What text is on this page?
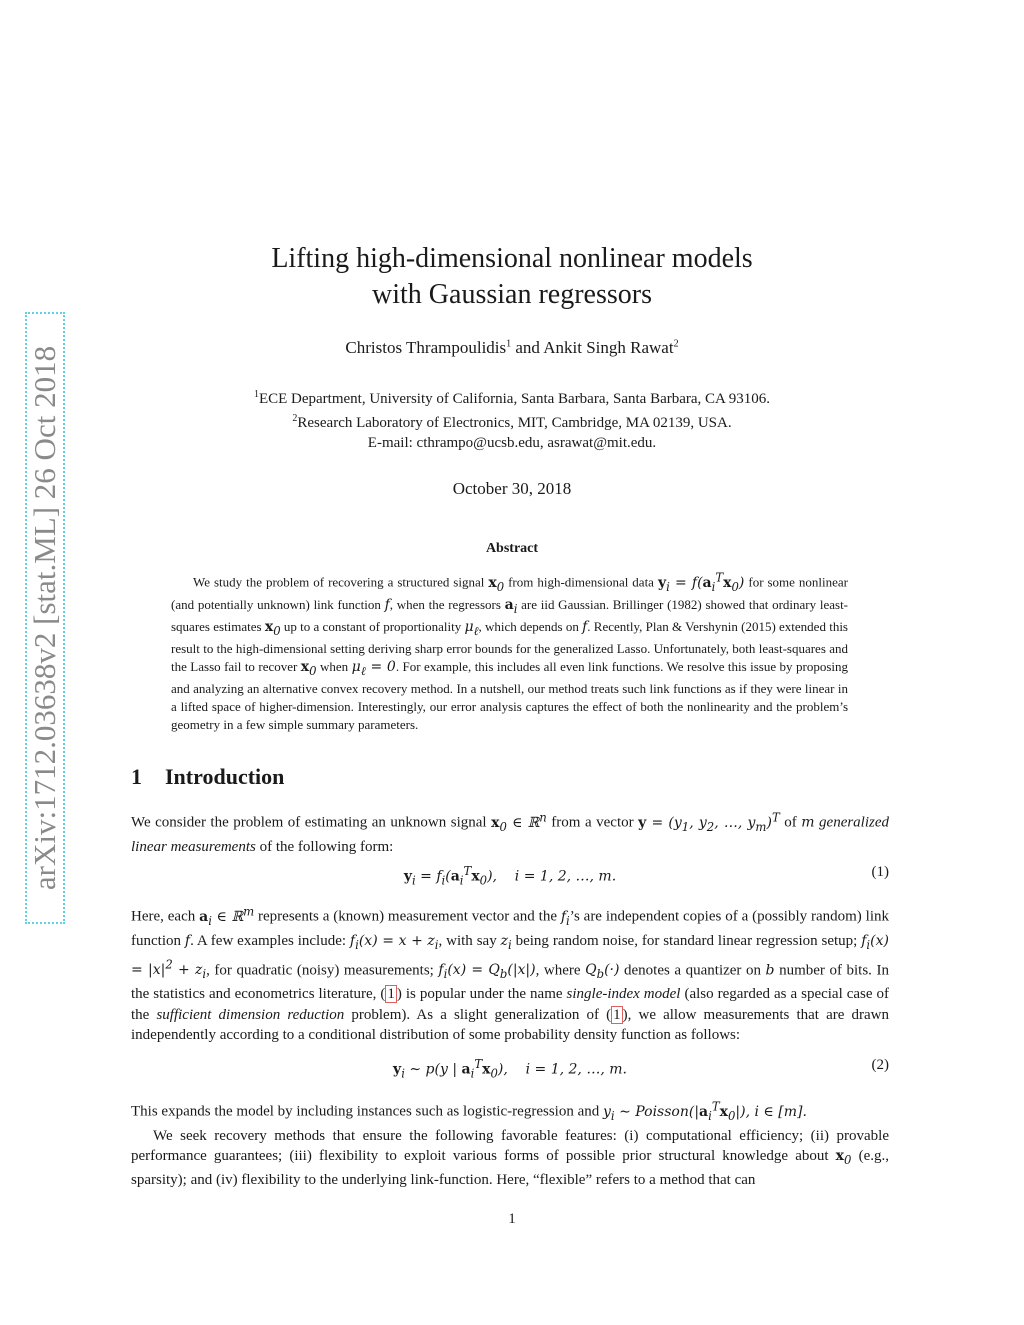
arXiv:1712.03638v2 [stat.ML] 26 Oct 2018
Lifting high-dimensional nonlinear models
with Gaussian regressors
Christos Thrampoulidis$^1$ and Ankit Singh Rawat$^2$
$^1$ECE Department, University of California, Santa Barbara, Santa Barbara, CA 93106.
$^2$Research Laboratory of Electronics, MIT, Cambridge, MA 02139, USA.
E-mail: cthrampo@ucsb.edu, asrawat@mit.edu.
October 30, 2018
Abstract

We study the problem of recovering a structured signal $x_0$ from high-dimensional data $y_i = f(a_i^Tx_0)$ for some nonlinear (and potentially unknown) link function f, when the regressors $a_i$ are iid Gaussian. Brillinger (1982) showed that ordinary least-squares estimates $x_0$ up to a constant of proportionality $\mu_\ell$, which depends on f. Recently, Plan & Vershynin (2015) extended this result to the high-dimensional setting deriving sharp error bounds for the generalized Lasso. Unfortunately, both least-squares and the Lasso fail to recover $x_0$ when $\mu_\ell = 0$. For example, this includes all even link functions. We resolve this issue by proposing and analyzing an alternative convex recovery method. In a nutshell, our method treats such link functions as if they were linear in a lifted space of higher-dimension. Interestingly, our error analysis captures the effect of both the nonlinearity and the problem’s geometry in a few simple summary parameters.

1 Introduction

We consider the problem of estimating an unknown signal $x_0$ ∈ ℝ$^n$ from a vector $y = (y_1$, $y_2$, …, $y_m)^T$ of m generalized linear measurements of the following form:

$y_i = f_i(a_i^Tx_0)$,    i = 1, 2, …, m.	(1)

Here, each $a_i$ ∈ ℝ$^m$ represents a (known) measurement vector and the $f_i’s$ are independent copies of a (possibly random) link function f. A few examples include: $f_i(x) = x + z_i$, with say $z_i$ being random noise, for standard linear regression setup; $f_i(x) = |x|^2 + z_i$, for quadratic (noisy) measurements; $f_i(x) = Q_b(|x|)$, where $Q_b(\cdot)$ denotes a quantizer on b number of bits. In the statistics and econometrics literature, ( 1 ) is popular under the name single-index model (also regarded as a special case of the sufficient dimension reduction problem). As a slight generalization of ( 1 ), we allow measurements that are drawn independently according to a conditional distribution of some probability density function as follows:

$y_i$ ∼ p(y | $a_i^Tx_0$),    i = 1, 2, …, m.	(2)

This expands the model by including instances such as logistic-regression and $y_i$ ∼ $Poisson(|a_i^Tx_0|)$, i ∈ [m].

We seek recovery methods that ensure the following favorable features: (i) computational efficiency; (ii) provable performance guarantees; (iii) flexibility to exploit various forms of possible prior structural knowledge about $x_0$ (e.g., sparsity); and (iv) flexibility to the underlying link-function. Here, “flexible” refers to a method that can

1
